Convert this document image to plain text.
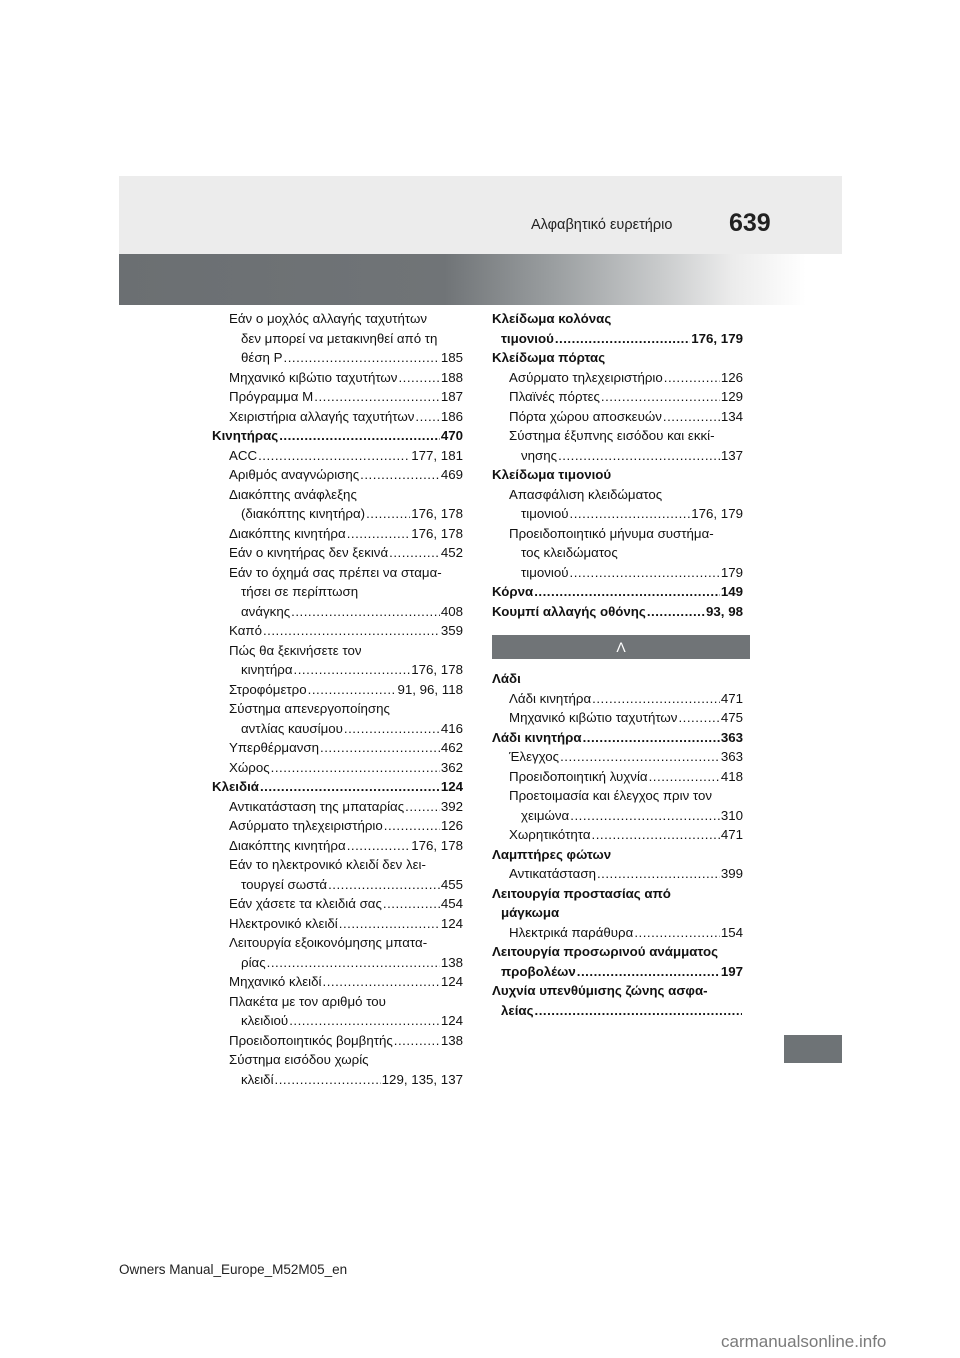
Αλφαβητικό ευρετήριο 639
Εάν ο μοχλός αλλαγής ταχυτήτων
δεν μπορεί να μετακινηθεί από τη
θέση P .....	185
Μηχανικό κιβώτιο ταχυτήτων .....	188
Πρόγραμμα M .....	187
Χειριστήρια αλλαγής ταχυτήτων ..... 186
Κινητήρας .....	470
ACC .....	177, 181
Αριθμός αναγνώρισης .....	469
Διακόπτης ανάφλεξης
(διακόπτης κινητήρα) .....	176, 178
Διακόπτης κινητήρα .....	176, 178
Εάν ο κινητήρας δεν ξεκινά .....	452
Εάν το όχημά σας πρέπει να σταμα-
τήσει σε περίπτωση
ανάγκης .....	408
Καπό .....	359
Πώς θα ξεκινήσετε τον
κινητήρα .....	176, 178
Στροφόμετρο .....	91, 96, 118
Σύστημα απενεργοποίησης
αντλίας καυσίμου .....	416
Υπερθέρμανση .....	462
Χώρος .....	362
Κλειδιά .....	124
Αντικατάσταση της μπαταρίας .....	392
Ασύρματο τηλεχειριστήριο .....	126
Διακόπτης κινητήρα .....	176, 178
Εάν το ηλεκτρονικό κλειδί δεν λει-
τουργεί σωστά .....	455
Εάν χάσετε τα κλειδιά σας .....	454
Ηλεκτρονικό κλειδί .....	124
Λειτουργία εξοικονόμησης μπατα-
ρίας .....	138
Μηχανικό κλειδί .....	124
Πλακέτα με τον αριθμό του
κλειδιού .....	124
Προειδοποιητικός βομβητής .....	138
Σύστημα εισόδου χωρίς
κλειδί .....	129, 135, 137
Κλείδωμα κολόνας
τιμονιού .....	176, 179
Κλείδωμα πόρτας
Ασύρματο τηλεχειριστήριο .....	126
Πλαϊνές πόρτες .....	129
Πόρτα χώρου αποσκευών .....	134
Σύστημα έξυπνης εισόδου και εκκί-
νησης .....	137
Κλείδωμα τιμονιού
Απασφάλιση κλειδώματος
τιμονιού .....	176, 179
Προειδοποιητικό μήνυμα συστήμα-
τος κλειδώματος
τιμονιού .....	179
Κόρνα .....	149
Κουμπί αλλαγής οθόνης .....	93, 98
Λ
Λάδι
Λάδι κινητήρα .....	471
Μηχανικό κιβώτιο ταχυτήτων .....	475
Λάδι κινητήρα .....	363
Έλεγχος .....	363
Προειδοποιητική λυχνία .....	418
Προετοιμασία και έλεγχος πριν τον
χειμώνα .....	310
Χωρητικότητα .....	471
Λαμπτήρες φώτων
Αντικατάσταση .....	399
Λειτουργία προστασίας από
μάγκωμα
Ηλεκτρικά παράθυρα .....	154
Λειτουργία προσωρινού ανάμματος
προβολέων .....	197
Λυχνία υπενθύμισης ζώνης ασφα-
λείας
.....
Owners Manual_Europe_M52M05_en
carmanualsonline.info
